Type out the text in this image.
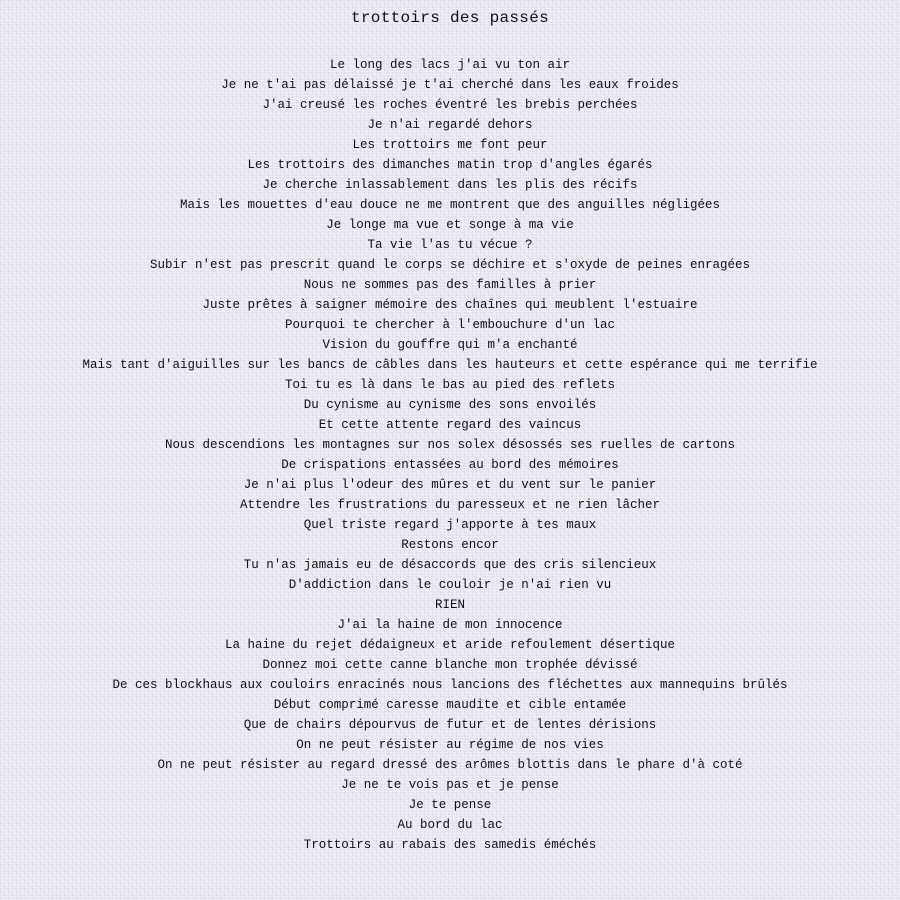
trottoirs des passés
Le long des lacs j'ai vu ton air
Je ne t'ai pas délaissé je t'ai cherché dans les eaux froides
J'ai creusé les roches éventré les brebis perchées
Je n'ai regardé dehors
Les trottoirs me font peur
Les trottoirs des dimanches matin trop d'angles égarés
Je cherche inlassablement dans les plis des récifs
Mais les mouettes d'eau douce ne me montrent que des anguilles négligées
Je longe ma vue et songe à ma vie
Ta vie l'as tu vécue ?
Subir n'est pas prescrit quand le corps se déchire et s'oxyde de peines enragées
Nous ne sommes pas des familles à prier
Juste prêtes à saigner mémoire des chaînes qui meublent l'estuaire
Pourquoi te chercher à l'embouchure d'un lac
Vision du gouffre qui m'a enchanté
Mais tant d'aiguilles sur les bancs de câbles dans les hauteurs et cette espérance qui me terrifie
Toi tu es là dans le bas au pied des reflets
Du cynisme au cynisme des sons envoilés
Et cette attente regard des vaincus
Nous descendions les montagnes sur nos solex désossés ses ruelles de cartons
De crispations entassées au bord des mémoires
Je n'ai plus l'odeur des mûres et du vent sur le panier
Attendre les frustrations du paresseux et ne rien lâcher
Quel triste regard j'apporte à tes maux
Restons encor
Tu n'as jamais eu de désaccords que des cris silencieux
D'addiction dans le couloir je n'ai rien vu
RIEN
J'ai la haine de mon innocence
La haine du rejet dédaigneux et aride refoulement désertique
Donnez moi cette canne blanche mon trophée dévissé
De ces blockhaus aux couloirs enracinés nous lancions des fléchettes aux mannequins brûlés
Début comprimé caresse maudite et cible entamée
Que de chairs dépourvus de futur et de lentes dérisions
On ne peut résister au régime de nos vies
On ne peut résister au regard dressé des arômes blottis dans le phare d'à coté
Je ne te vois pas et je pense
Je te pense
Au bord du lac
Trottoirs au rabais des samedis éméchés
